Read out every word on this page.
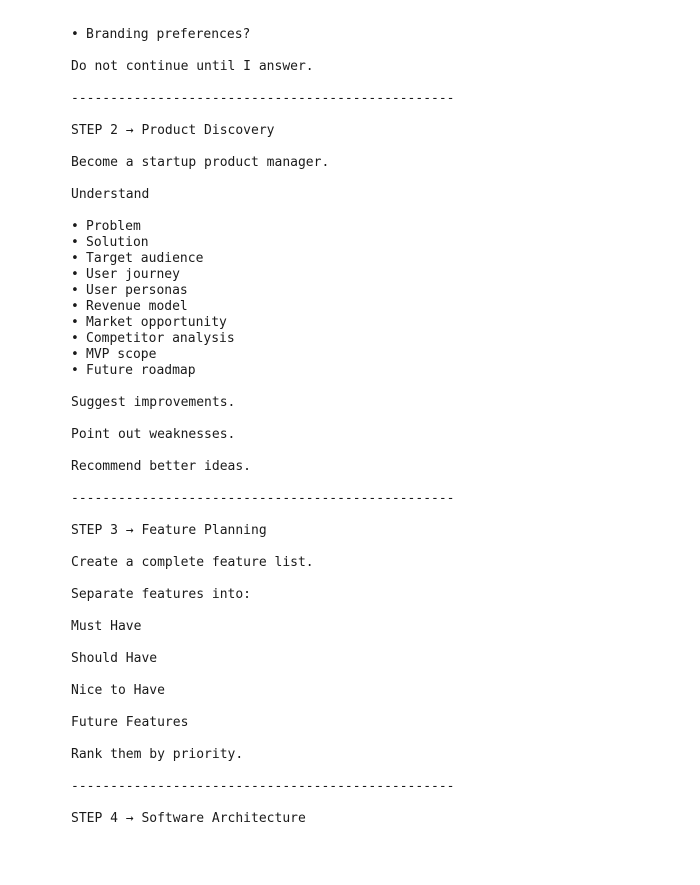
• Branding preferences?
Do not continue until I answer.
-------------------------------------------------
STEP 2 → Product Discovery
Become a startup product manager.
Understand
• Problem
• Solution
• Target audience
• User journey
• User personas
• Revenue model
• Market opportunity
• Competitor analysis
• MVP scope
• Future roadmap
Suggest improvements.
Point out weaknesses.
Recommend better ideas.
-------------------------------------------------
STEP 3 → Feature Planning
Create a complete feature list.
Separate features into:
Must Have
Should Have
Nice to Have
Future Features
Rank them by priority.
-------------------------------------------------
STEP 4 → Software Architecture
